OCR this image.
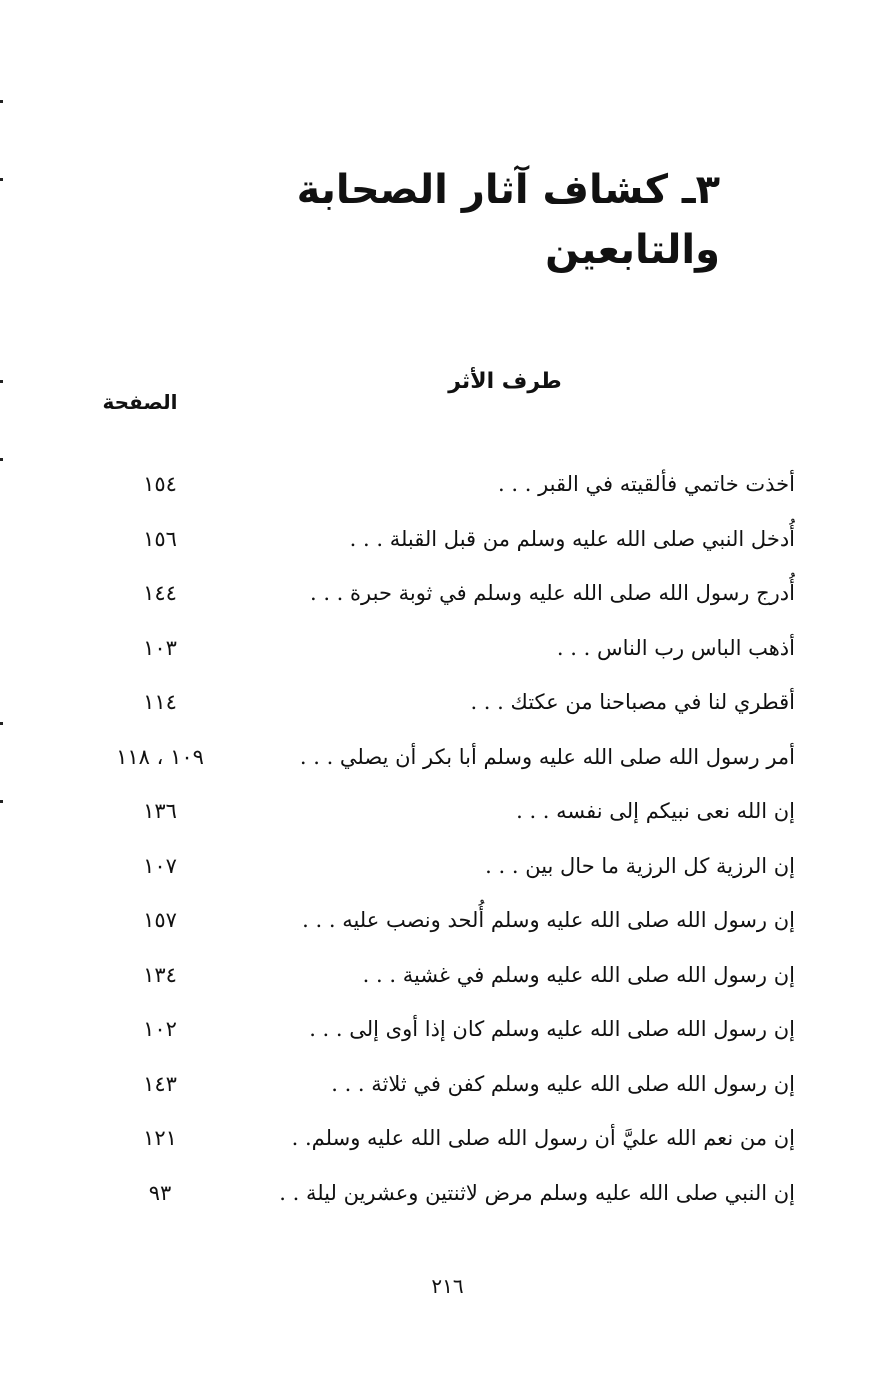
٣ـ كشاف آثار الصحابة والتابعين
طرف الأثر
الصفحة
أخذت خاتمي فألقيته في القبر . . .
١٥٤
أُدخل النبي صلى الله عليه وسلم من قبل القبلة . . .
١٥٦
أُدرج رسول الله صلى الله عليه وسلم في ثوبة حبرة . . .
١٤٤
أذهب الباس رب الناس . . .
١٠٣
أقطري لنا في مصباحنا من عكتك . . .
١١٤
أمر رسول الله صلى الله عليه وسلم أبا بكر أن يصلي . . .
١٠٩ ، ١١٨
إن الله نعى نبيكم إلى نفسه . . .
١٣٦
إن الرزية كل الرزية ما حال بين . . .
١٠٧
إن رسول الله صلى الله عليه وسلم أُلحد ونصب عليه . . .
١٥٧
إن رسول الله صلى الله عليه وسلم في غشية . . .
١٣٤
إن رسول الله صلى الله عليه وسلم كان إذا أوى إلى . . .
١٠٢
إن رسول الله صلى الله عليه وسلم كفن في ثلاثة . . .
١٤٣
إن من نعم الله عليَّ أن رسول الله صلى الله عليه وسلم. .
١٢١
إن النبي صلى الله عليه وسلم مرض لاثنتين وعشرين ليلة . .
٩٣
٢١٦
